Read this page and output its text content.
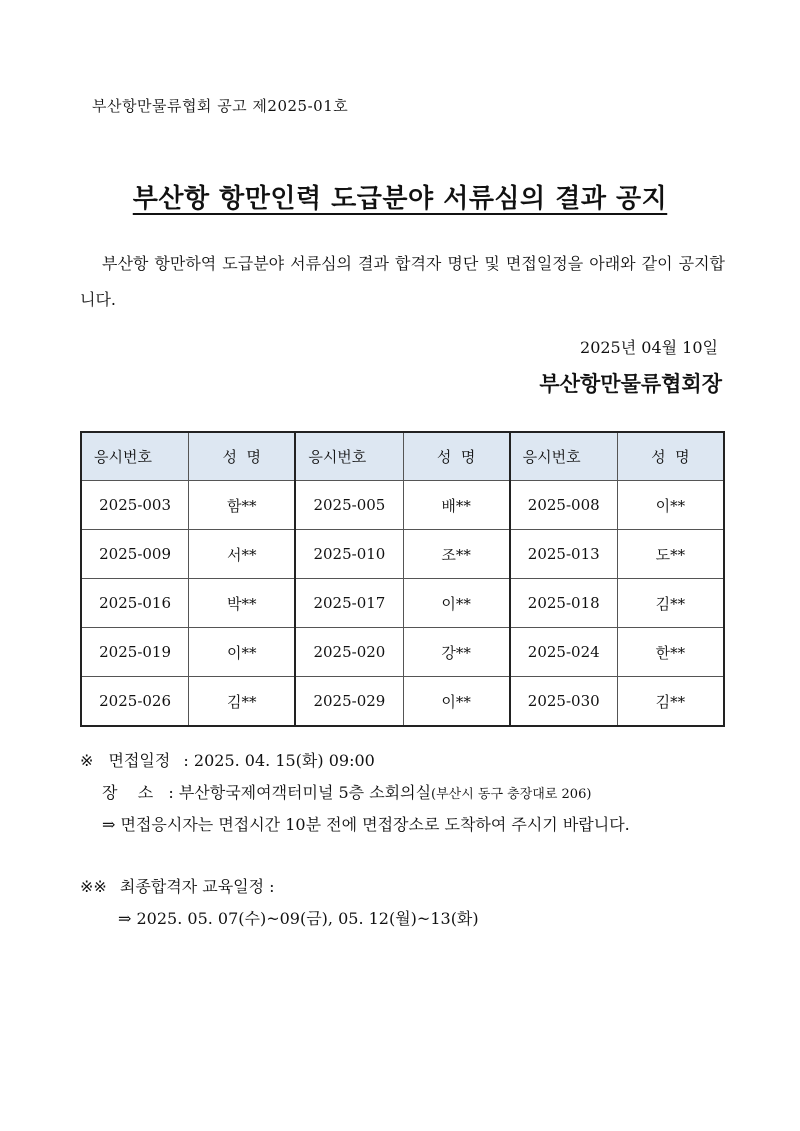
부산항만물류협회 공고 제2025-01호
부산항 항만인력 도급분야 서류심의 결과 공지
부산항 항만하역 도급분야 서류심의 결과 합격자 명단 및 면접일정을 아래와 같이 공지합니다.
2025년 04월 10일
부산항만물류협회장
응시번호	성  명	응시번호	성  명	응시번호	성  명
2025-003	함**	2025-005	배**	2025-008	이**
2025-009	서**	2025-010	조**	2025-013	도**
2025-016	박**	2025-017	이**	2025-018	김**
2025-019	이**	2025-020	강**	2025-024	한**
2025-026	김**	2025-029	이**	2025-030	김**
※ 면접일정 : 2025. 04. 15(화) 09:00
장    소 : 부산항국제여객터미널 5층 소회의실(부산시 동구 충장대로 206)
⇒ 면접응시자는 면접시간 10분 전에 면접장소로 도착하여 주시기 바랍니다.
※※ 최종합격자 교육일정 :
⇒ 2025. 05. 07(수)~09(금), 05. 12(월)~13(화)
